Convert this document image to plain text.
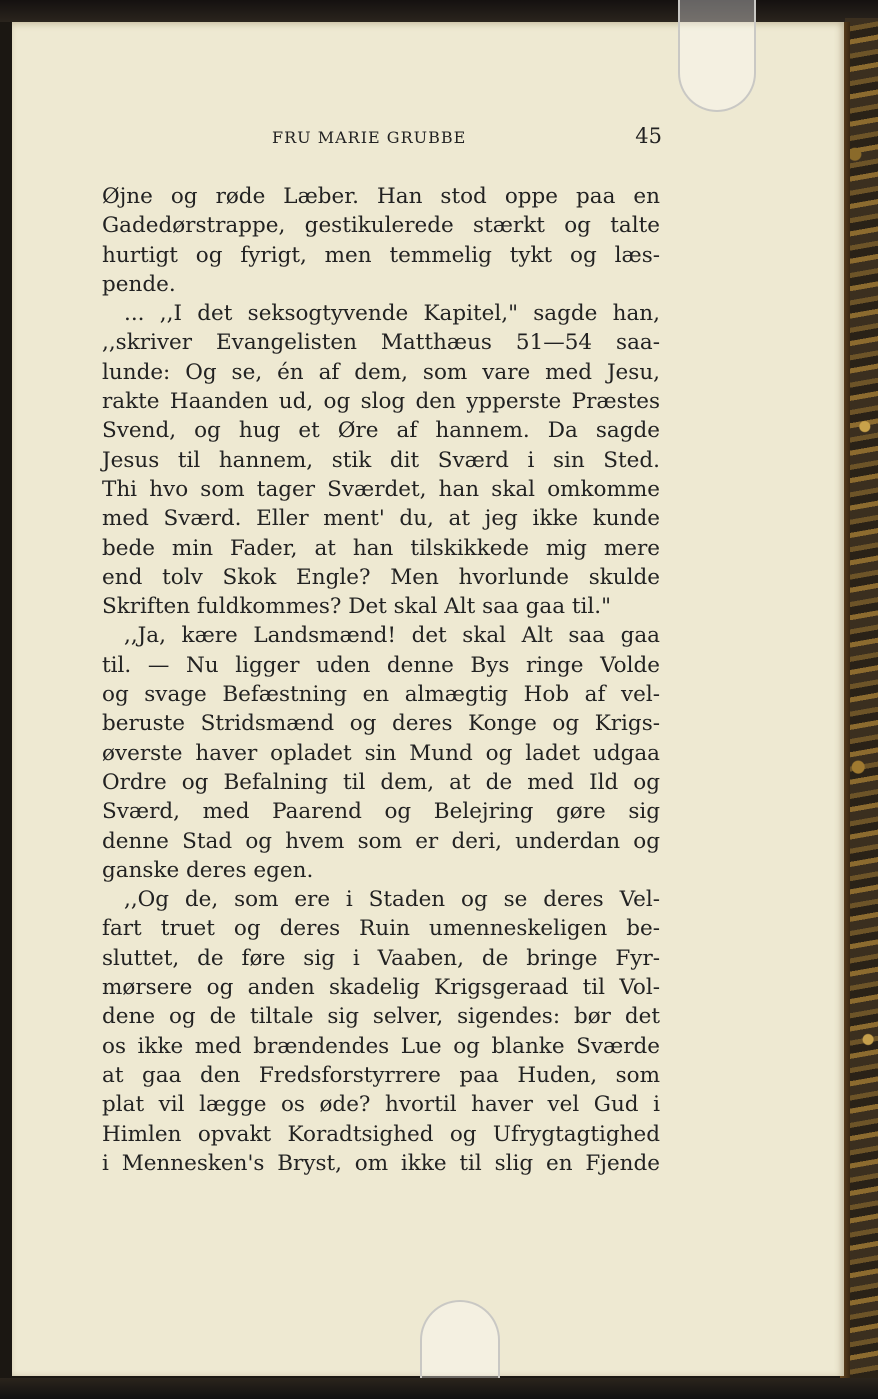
FRU MARIE GRUBBE	45
Øjne og røde Læber. Han stod oppe paa en
Gadedørstrappe, gestikulerede stærkt og talte
hurtigt og fyrigt, men temmelig tykt og læs-
pende.
... ,,I det seksogtyvende Kapitel," sagde han,
,,skriver Evangelisten Matthæus 51—54 saa-
lunde: Og se, én af dem, som vare med Jesu,
rakte Haanden ud, og slog den ypperste Præstes
Svend, og hug et Øre af hannem. Da sagde
Jesus til hannem, stik dit Sværd i sin Sted.
Thi hvo som tager Sværdet, han skal omkomme
med Sværd. Eller ment' du, at jeg ikke kunde
bede min Fader, at han tilskikkede mig mere
end tolv Skok Engle? Men hvorlunde skulde
Skriften fuldkommes? Det skal Alt saa gaa til."
,,Ja, kære Landsmænd! det skal Alt saa gaa
til. — Nu ligger uden denne Bys ringe Volde
og svage Befæstning en almægtig Hob af vel-
beruste Stridsmænd og deres Konge og Krigs-
øverste haver opladet sin Mund og ladet udgaa
Ordre og Befalning til dem, at de med Ild og
Sværd, med Paarend og Belejring gøre sig
denne Stad og hvem som er deri, underdan og
ganske deres egen.
,,Og de, som ere i Staden og se deres Vel-
fart truet og deres Ruin umenneskeligen be-
sluttet, de føre sig i Vaaben, de bringe Fyr-
mørsere og anden skadelig Krigsgeraad til Vol-
dene og de tiltale sig selver, sigendes: bør det
os ikke med brændendes Lue og blanke Sværde
at gaa den Fredsforstyrrere paa Huden, som
plat vil lægge os øde? hvortil haver vel Gud i
Himlen opvakt Koradtsighed og Ufrygtagtighed
i Mennesken's Bryst, om ikke til slig en Fjende
